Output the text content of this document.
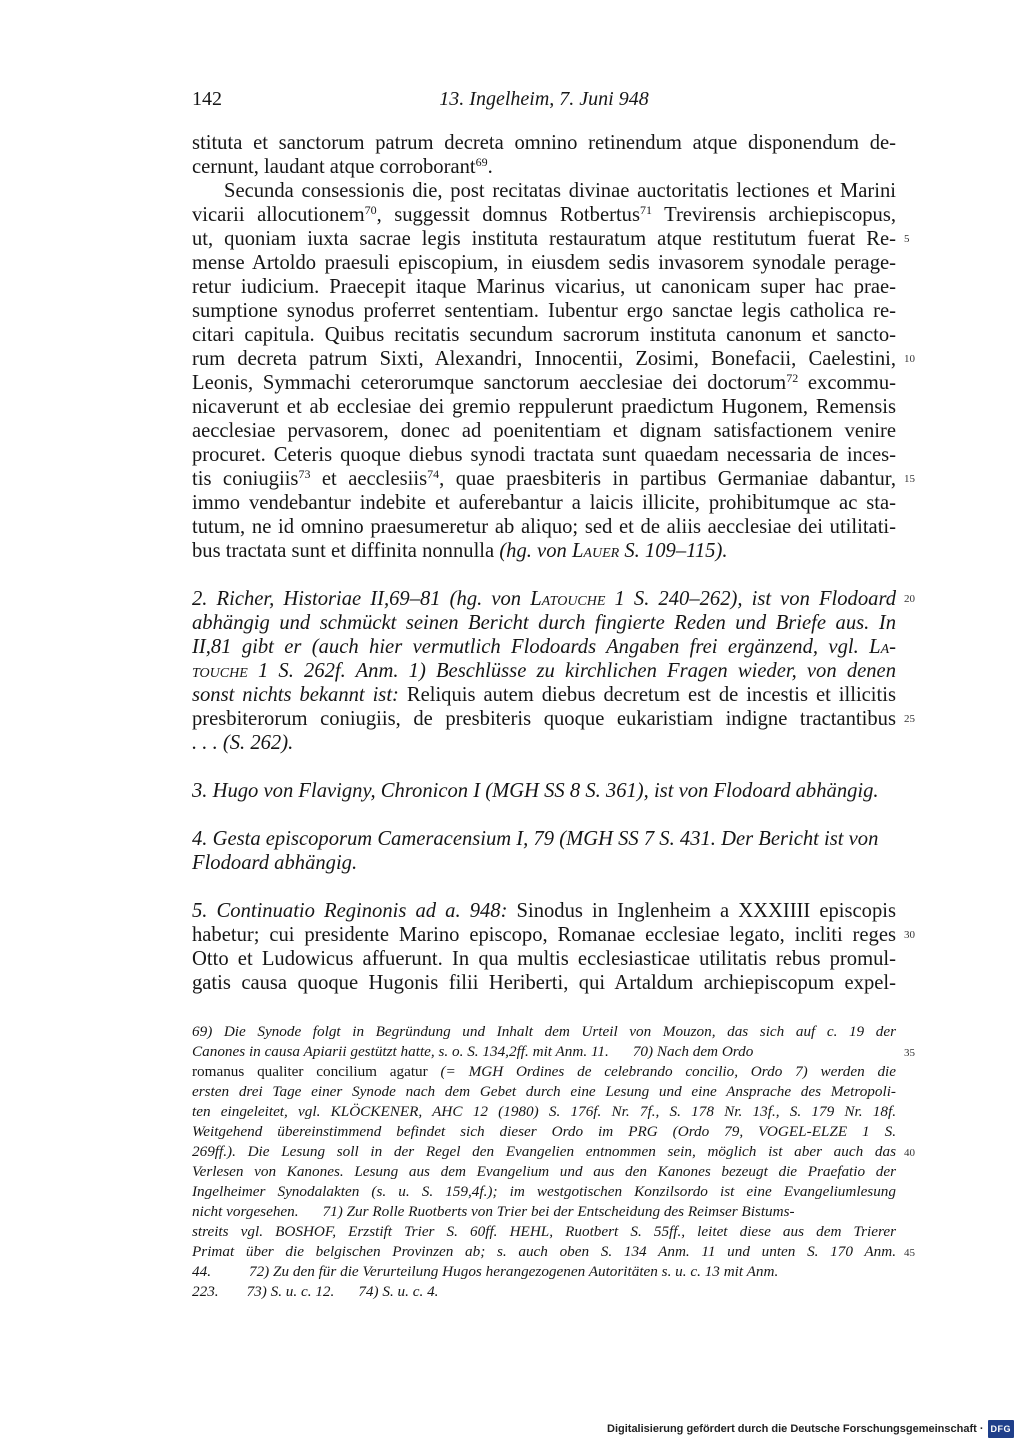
142	13. Ingelheim, 7. Juni 948
stituta et sanctorum patrum decreta omnino retinendum atque disponendum de-
cernunt, laudant atque corroborant$^{69}$.
Secunda consessionis die, post recitatas divinae auctoritatis lectiones et Marini
vicarii allocutionem$^{70}$, suggessit domnus Rotbertus$^{71}$ Trevirensis archiepiscopus,
ut, quoniam iuxta sacrae legis instituta restauratum atque restitutum fuerat Re-
mense Artoldo praesuli episcopium, in eiusdem sedis invasorem synodale perage-
retur iudicium. Praecepit itaque Marinus vicarius, ut canonicam super hac prae-
sumptione synodus proferret sententiam. Iubentur ergo sanctae legis catholica re-
citari capitula. Quibus recitatis secundum sacrorum instituta canonum et sancto-
rum decreta patrum Sixti, Alexandri, Innocentii, Zosimi, Bonefacii, Caelestini,
Leonis, Symmachi ceterorumque sanctorum aecclesiae dei doctorum$^{72}$ excommu-
nicaverunt et ab ecclesiae dei gremio reppulerunt praedictum Hugonem, Remensis
aecclesiae pervasorem, donec ad poenitentiam et dignam satisfactionem venire
procuret. Ceteris quoque diebus synodi tractata sunt quaedam necessaria de inces-
tis coniugiis$^{73}$ et aecclesiis$^{74}$, quae praesbiteris in partibus Germaniae dabantur,
immo vendebantur indebite et auferebantur a laicis illicite, prohibitumque ac sta-
tutum, ne id omnino praesumeretur ab aliquo; sed et de aliis aecclesiae dei utilitati-
bus tractata sunt et diffinita nonnulla (hg. von Lauer S. 109–115).
2. Richer, Historiae II,69–81 (hg. von Latouche 1 S. 240–262), ist von Flodoard
abhängig und schmückt seinen Bericht durch fingierte Reden und Briefe aus. In
II,81 gibt er (auch hier vermutlich Flodoards Angaben frei ergänzend, vgl. La-
touche 1 S. 262f. Anm. 1) Beschlüsse zu kirchlichen Fragen wieder, von denen
sonst nichts bekannt ist: Reliquis autem diebus decretum est de incestis et illicitis
presbiterorum coniugiis, de presbiteris quoque eukaristiam indigne tractantibus
. . . (S. 262).
3. Hugo von Flavigny, Chronicon I (MGH SS 8 S. 361), ist von Flodoard abhängig.
4. Gesta episcoporum Cameracensium I, 79 (MGH SS 7 S. 431. Der Bericht ist von
Flodoard abhängig.
5. Continuatio Reginonis ad a. 948: Sinodus in Inglenheim a XXXIIII episcopis
habetur; cui presidente Marino episcopo, Romanae ecclesiae legato, incliti reges
Otto et Ludowicus affuerunt. In qua multis ecclesiasticae utilitatis rebus promul-
gatis causa quoque Hugonis filii Heriberti, qui Artaldum archiepiscopum expel-
5
10
15
20
25
30
35
40
45
69) Die Synode folgt in Begründung und Inhalt dem Urteil von Mouzon, das sich auf c. 19 der
Canones in causa Apiarii gestützt hatte, s. o. S. 134,2ff. mit Anm. 11. 70) Nach dem Ordo
romanus qualiter concilium agatur (= MGH Ordines de celebrando concilio, Ordo 7) werden die
ersten drei Tage einer Synode nach dem Gebet durch eine Lesung und eine Ansprache des Metropoli-
ten eingeleitet, vgl. KLÖCKENER, AHC 12 (1980) S. 176f. Nr. 7f., S. 178 Nr. 13f., S. 179 Nr. 18f.
Weitgehend übereinstimmend befindet sich dieser Ordo im PRG (Ordo 79, VOGEL-ELZE 1 S.
269ff.). Die Lesung soll in der Regel den Evangelien entnommen sein, möglich ist aber auch das
Verlesen von Kanones. Lesung aus dem Evangelium und aus den Kanones bezeugt die Praefatio der
Ingelheimer Synodalakten (s. u. S. 159,4f.); im westgotischen Konzilsordo ist eine Evangeliumlesung
nicht vorgesehen. 71) Zur Rolle Ruotberts von Trier bei der Entscheidung des Reimser Bistums-
streits vgl. BOSHOF, Erzstift Trier S. 60ff. HEHL, Ruotbert S. 55ff., leitet diese aus dem Trierer
Primat über die belgischen Provinzen ab; s. auch oben S. 134 Anm. 11 und unten S. 170 Anm.
44.	72) Zu den für die Verurteilung Hugos herangezogenen Autoritäten s. u. c. 13 mit Anm.
223. 73) S. u. c. 12. 74) S. u. c. 4.
Digitalisierung gefördert durch die Deutsche Forschungsgemeinschaft · DFG
